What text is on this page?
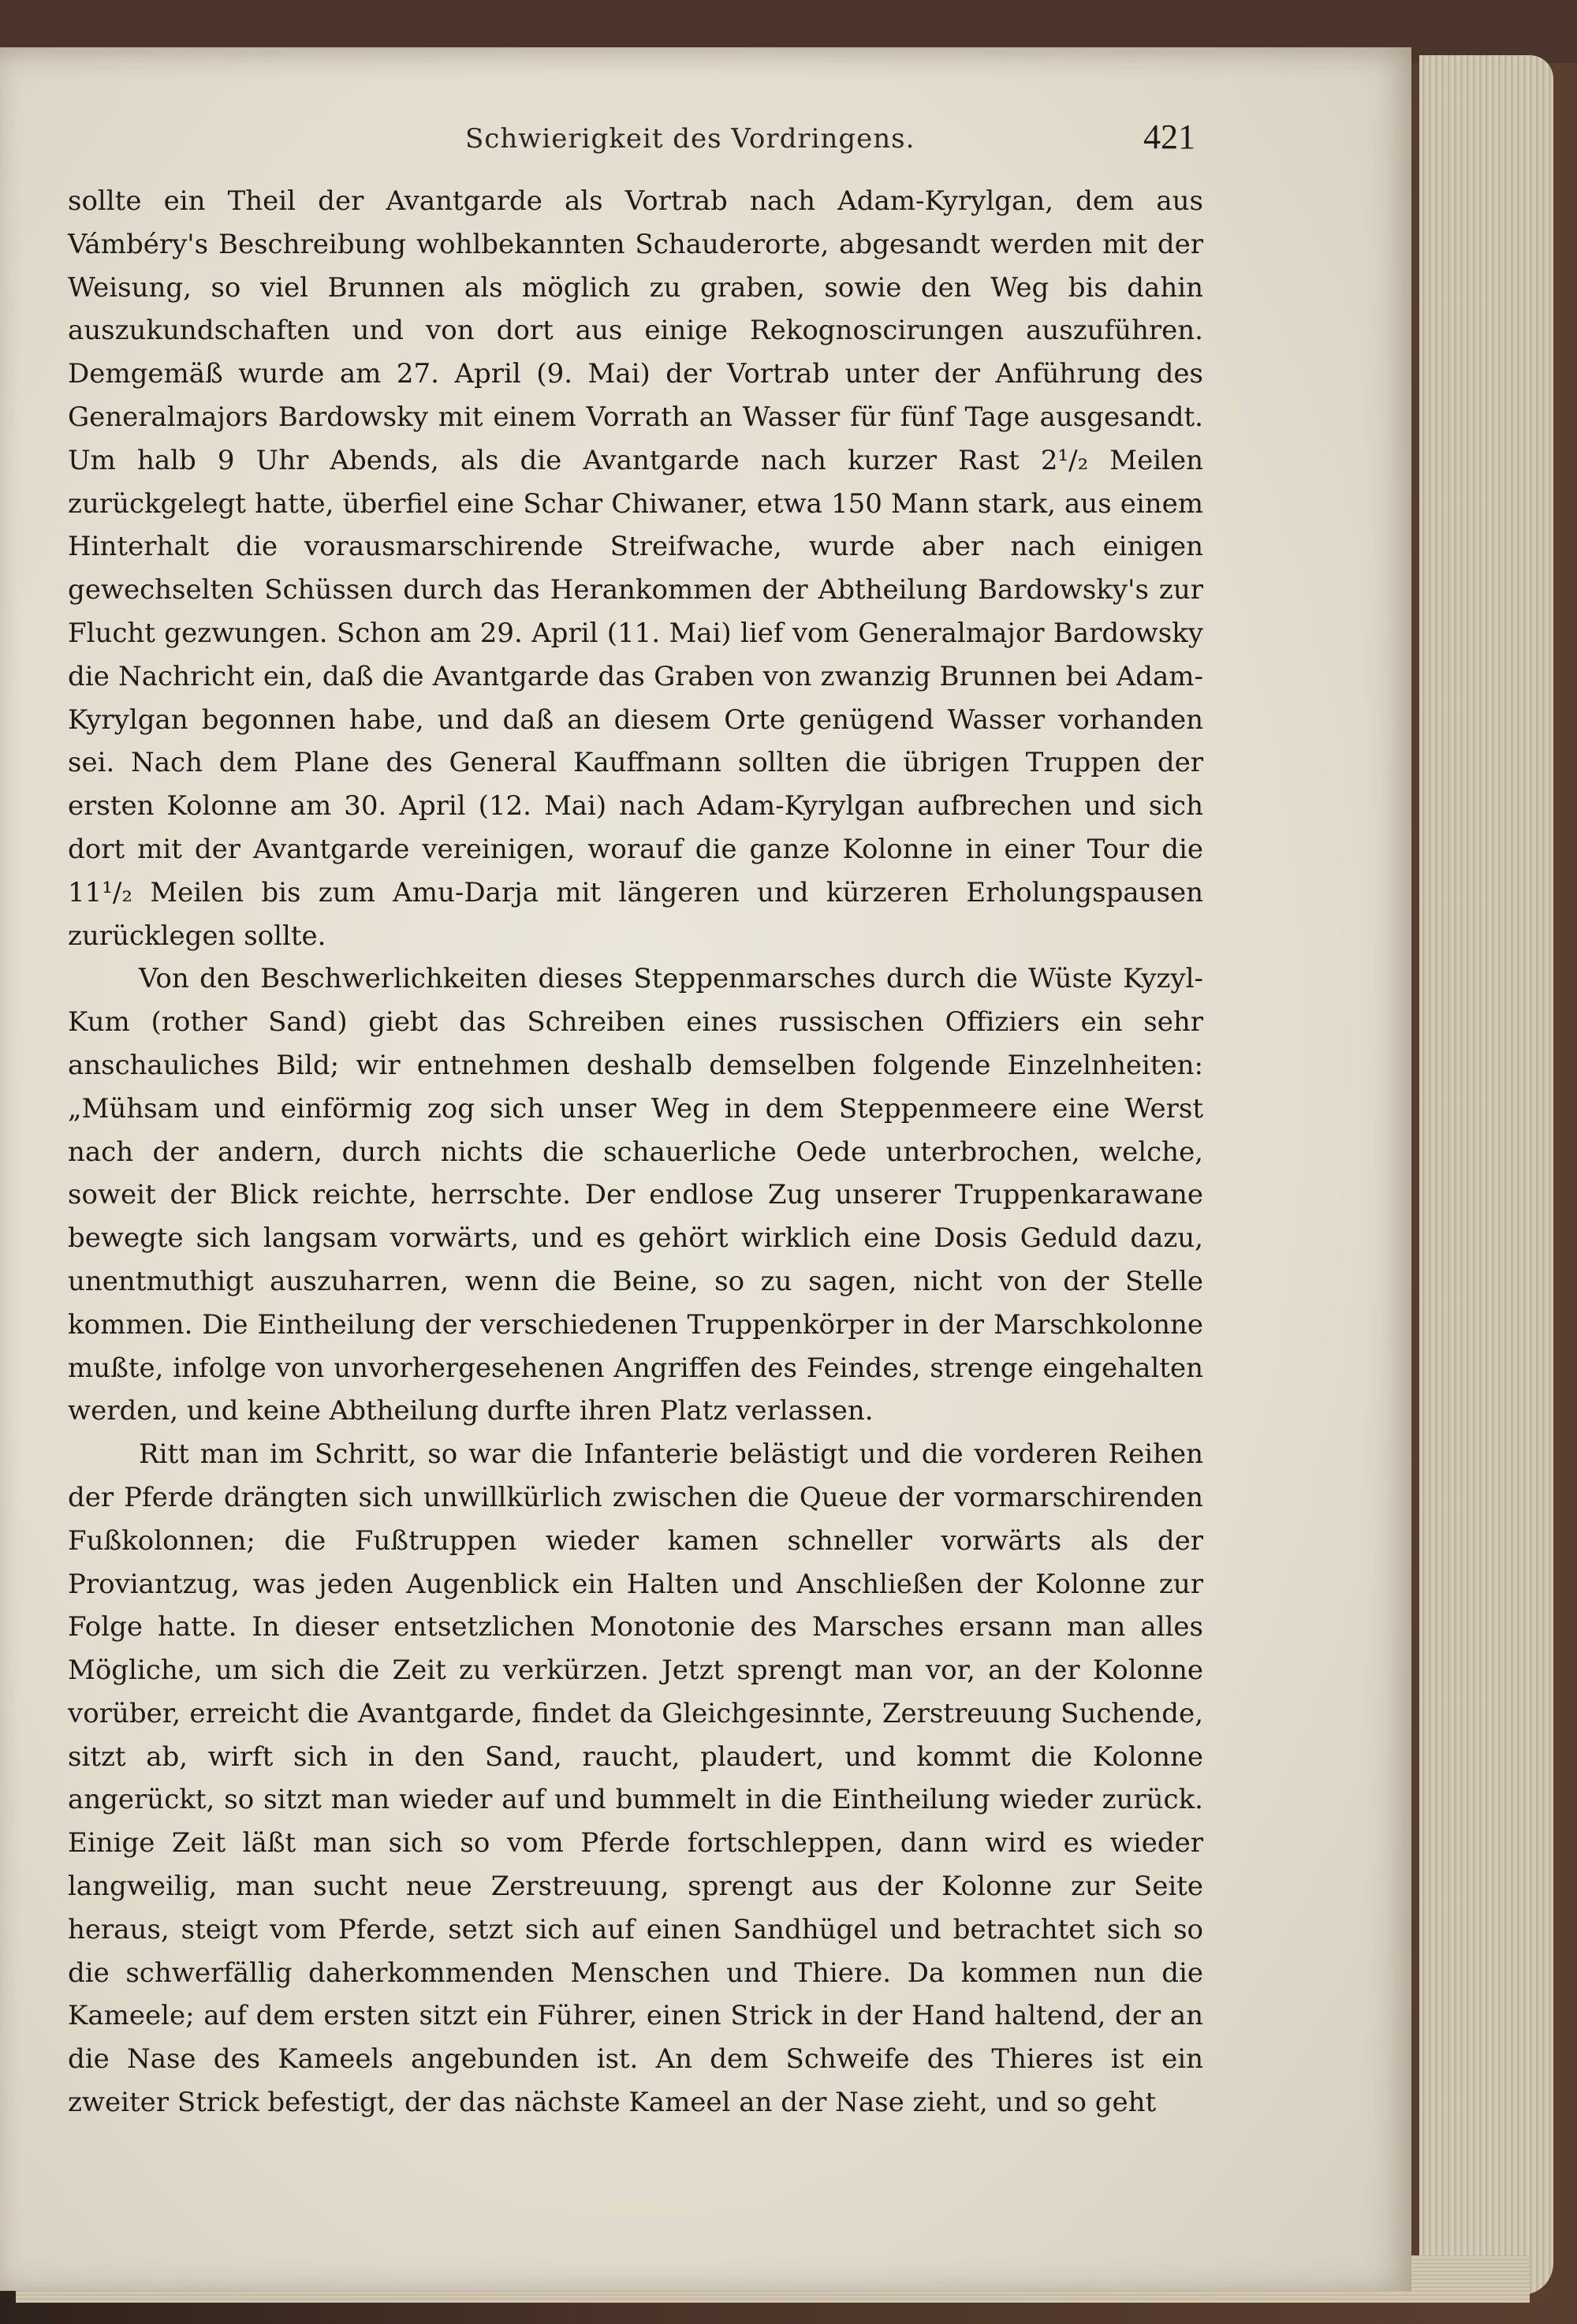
Schwierigkeit des Vordringens.	421

sollte ein Theil der Avantgarde als Vortrab nach Adam-Kyrylgan, dem aus Vámbéry's Beschreibung wohlbekannten Schauderorte, abgesandt werden mit der Weisung, so viel Brunnen als möglich zu graben, sowie den Weg bis dahin auszukundschaften und von dort aus einige Rekognoscirungen auszuführen. Demgemäß wurde am 27. April (9. Mai) der Vortrab unter der Anführung des Generalmajors Bardowsky mit einem Vorrath an Wasser für fünf Tage ausgesandt. Um halb 9 Uhr Abends, als die Avantgarde nach kurzer Rast 2¹/₂ Meilen zurückgelegt hatte, überfiel eine Schar Chiwaner, etwa 150 Mann stark, aus einem Hinterhalt die vorausmarschirende Streifwache, wurde aber nach einigen gewechselten Schüssen durch das Herankommen der Abtheilung Bardowsky's zur Flucht gezwungen. Schon am 29. April (11. Mai) lief vom Generalmajor Bardowsky die Nachricht ein, daß die Avantgarde das Graben von zwanzig Brunnen bei Adam-Kyrylgan begonnen habe, und daß an diesem Orte genügend Wasser vorhanden sei. Nach dem Plane des General Kauffmann sollten die übrigen Truppen der ersten Kolonne am 30. April (12. Mai) nach Adam-Kyrylgan aufbrechen und sich dort mit der Avantgarde vereinigen, worauf die ganze Kolonne in einer Tour die 11¹/₂ Meilen bis zum Amu-Darja mit längeren und kürzeren Erholungspausen zurücklegen sollte.

Von den Beschwerlichkeiten dieses Steppenmarsches durch die Wüste Kyzyl-Kum (rother Sand) giebt das Schreiben eines russischen Offiziers ein sehr anschauliches Bild; wir entnehmen deshalb demselben folgende Einzelnheiten: „Mühsam und einförmig zog sich unser Weg in dem Steppenmeere eine Werst nach der andern, durch nichts die schauerliche Oede unterbrochen, welche, soweit der Blick reichte, herrschte. Der endlose Zug unserer Truppenkarawane bewegte sich langsam vorwärts, und es gehört wirklich eine Dosis Geduld dazu, unentmuthigt auszuharren, wenn die Beine, so zu sagen, nicht von der Stelle kommen. Die Eintheilung der verschiedenen Truppenkörper in der Marschkolonne mußte, infolge von unvorhergesehenen Angriffen des Feindes, strenge eingehalten werden, und keine Abtheilung durfte ihren Platz verlassen.

Ritt man im Schritt, so war die Infanterie belästigt und die vorderen Reihen der Pferde drängten sich unwillkürlich zwischen die Queue der vormarschirenden Fußkolonnen; die Fußtruppen wieder kamen schneller vorwärts als der Proviantzug, was jeden Augenblick ein Halten und Anschließen der Kolonne zur Folge hatte. In dieser entsetzlichen Monotonie des Marsches ersann man alles Mögliche, um sich die Zeit zu verkürzen. Jetzt sprengt man vor, an der Kolonne vorüber, erreicht die Avantgarde, findet da Gleichgesinnte, Zerstreuung Suchende, sitzt ab, wirft sich in den Sand, raucht, plaudert, und kommt die Kolonne angerückt, so sitzt man wieder auf und bummelt in die Eintheilung wieder zurück. Einige Zeit läßt man sich so vom Pferde fortschleppen, dann wird es wieder langweilig, man sucht neue Zerstreuung, sprengt aus der Kolonne zur Seite heraus, steigt vom Pferde, setzt sich auf einen Sandhügel und betrachtet sich so die schwerfällig daherkommenden Menschen und Thiere. Da kommen nun die Kameele; auf dem ersten sitzt ein Führer, einen Strick in der Hand haltend, der an die Nase des Kameels angebunden ist. An dem Schweife des Thieres ist ein zweiter Strick befestigt, der das nächste Kameel an der Nase zieht, und so geht
